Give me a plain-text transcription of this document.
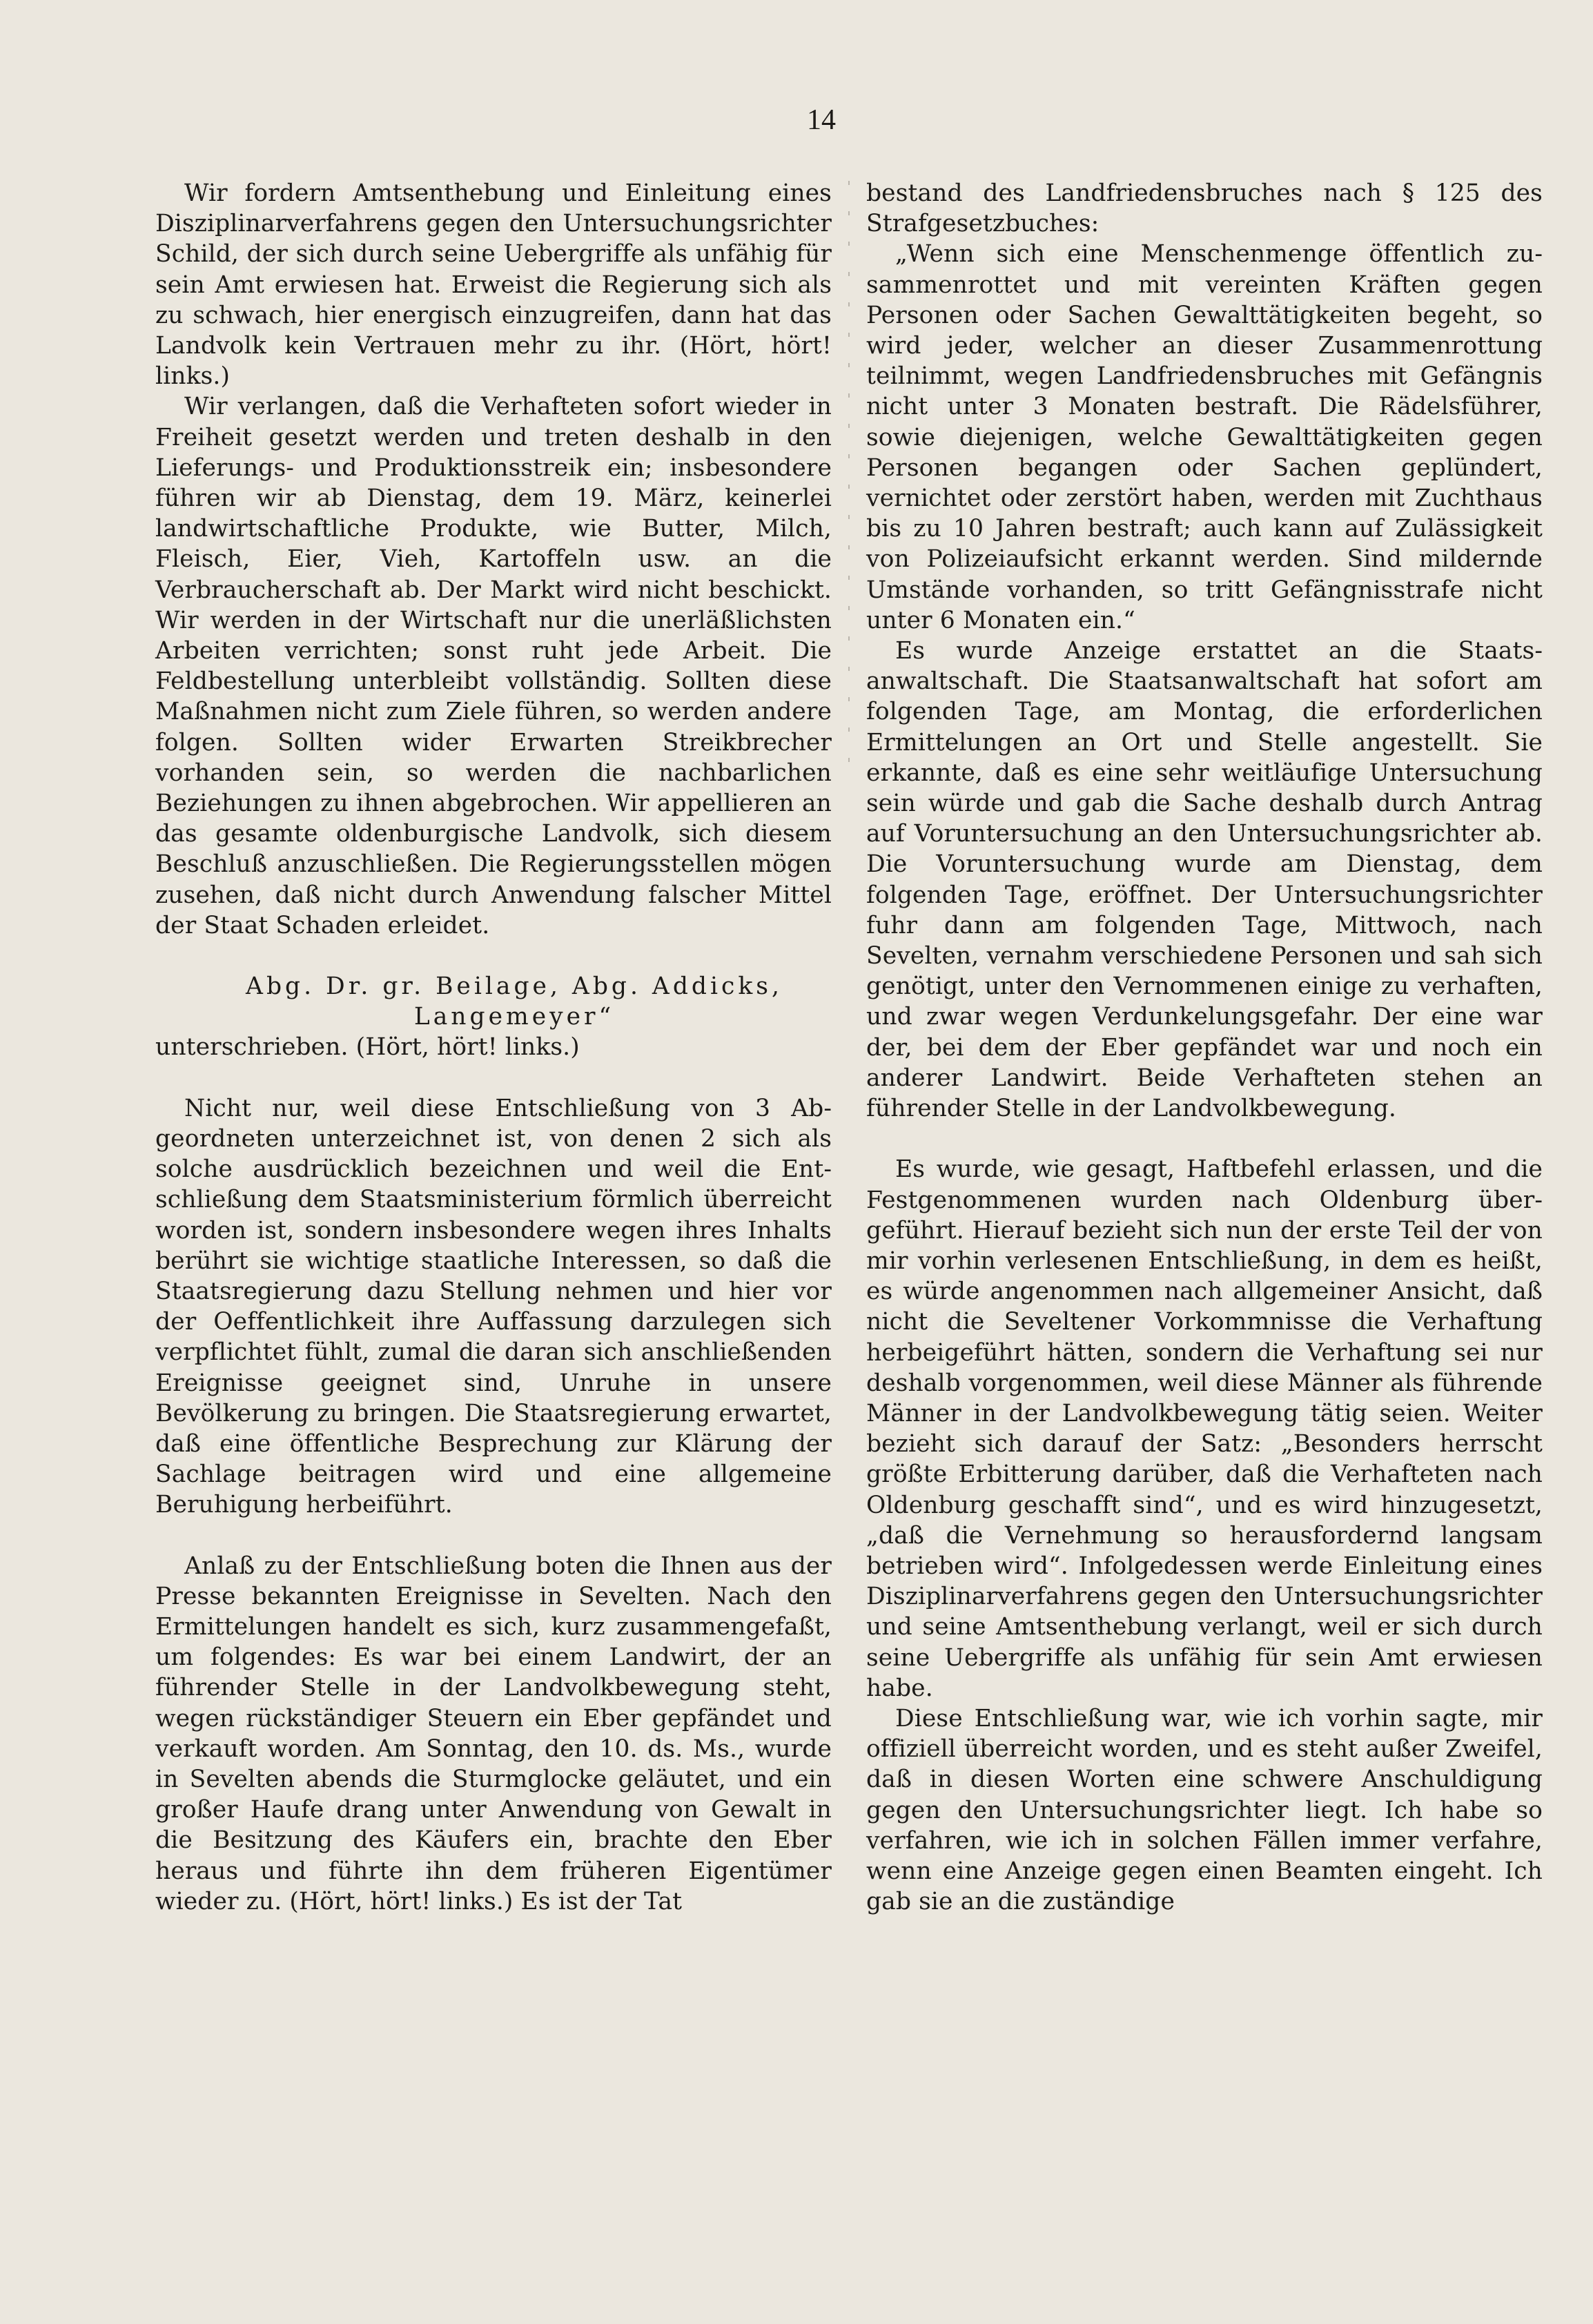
14

Wir fordern Amtsenthebung und Einleitung eines Disziplinarverfahrens gegen den Untersuchungsrichter Schild, der sich durch seine Uebergriffe als unfähig für sein Amt erwiesen hat. Erweist die Regierung sich als zu schwach, hier energisch einzugreifen, dann hat das Landvolk kein Vertrauen mehr zu ihr. (Hört, hört! links.)

Wir verlangen, daß die Verhafteten sofort wieder in Freiheit gesetzt werden und treten deshalb in den Lieferungs- und Produktionsstreik ein; insbesondere führen wir ab Dienstag, dem 19. März, keinerlei landwirtschaftliche Produkte, wie Butter, Milch, Fleisch, Eier, Vieh, Kartoffeln usw. an die Verbraucherschaft ab. Der Markt wird nicht beschickt. Wir werden in der Wirtschaft nur die unerläßlichsten Arbeiten verrichten; sonst ruht jede Arbeit. Die Feldbestellung unterbleibt vollständig. Sollten diese Maßnahmen nicht zum Ziele führen, so werden andere folgen. Sollten wider Erwarten Streikbrecher vorhanden sein, so werden die nachbarlichen Beziehungen zu ihnen abgebrochen. Wir appellieren an das gesamte oldenburgische Landvolk, sich diesem Beschluß anzuschließen. Die Regierungsstellen mögen zusehen, daß nicht durch Anwendung falscher Mittel der Staat Schaden erleidet.

Abg. Dr. gr. Beilage, Abg. Addicks,
Langemeyer“

unterschrieben. (Hört, hört! links.)

Nicht nur, weil diese Entschließung von 3 Abgeordneten unterzeichnet ist, von denen 2 sich als solche ausdrücklich bezeichnen und weil die Entschließung dem Staatsministerium förmlich überreicht worden ist, sondern insbesondere wegen ihres Inhalts berührt sie wichtige staatliche Interessen, so daß die Staatsregierung dazu Stellung nehmen und hier vor der Oeffentlichkeit ihre Auffassung darzulegen sich verpflichtet fühlt, zumal die daran sich anschließenden Ereignisse geeignet sind, Unruhe in unsere Bevölkerung zu bringen. Die Staatsregierung erwartet, daß eine öffentliche Besprechung zur Klärung der Sachlage beitragen wird und eine allgemeine Beruhigung herbeiführt.

Anlaß zu der Entschließung boten die Ihnen aus der Presse bekannten Ereignisse in Sevelten. Nach den Ermittelungen handelt es sich, kurz zusammengefaßt, um folgendes: Es war bei einem Landwirt, der an führender Stelle in der Landvolkbewegung steht, wegen rückständiger Steuern ein Eber gepfändet und verkauft worden. Am Sonntag, den 10. ds. Ms., wurde in Sevelten abends die Sturmglocke geläutet, und ein großer Haufe drang unter Anwendung von Gewalt in die Besitzung des Käufers ein, brachte den Eber heraus und führte ihn dem früheren Eigentümer wieder zu. (Hört, hört! links.) Es ist der Tat

bestand des Landfriedensbruches nach § 125 des Strafgesetzbuches:

„Wenn sich eine Menschenmenge öffentlich zusammenrottet und mit vereinten Kräften gegen Personen oder Sachen Gewalttätigkeiten begeht, so wird jeder, welcher an dieser Zusammenrottung teilnimmt, wegen Landfriedensbruches mit Gefängnis nicht unter 3 Monaten bestraft. Die Rädelsführer, sowie diejenigen, welche Gewalttätigkeiten gegen Personen begangen oder Sachen geplündert, vernichtet oder zerstört haben, werden mit Zuchthaus bis zu 10 Jahren bestraft; auch kann auf Zulässigkeit von Polizeiaufsicht erkannt werden. Sind mildernde Umstände vorhanden, so tritt Gefängnisstrafe nicht unter 6 Monaten ein.“

Es wurde Anzeige erstattet an die Staatsanwaltschaft. Die Staatsanwaltschaft hat sofort am folgenden Tage, am Montag, die erforderlichen Ermittelungen an Ort und Stelle angestellt. Sie erkannte, daß es eine sehr weitläufige Untersuchung sein würde und gab die Sache deshalb durch Antrag auf Voruntersuchung an den Untersuchungsrichter ab. Die Voruntersuchung wurde am Dienstag, dem folgenden Tage, eröffnet. Der Untersuchungsrichter fuhr dann am folgenden Tage, Mittwoch, nach Sevelten, vernahm verschiedene Personen und sah sich genötigt, unter den Vernommenen einige zu verhaften, und zwar wegen Verdunkelungsgefahr. Der eine war der, bei dem der Eber gepfändet war und noch ein anderer Landwirt. Beide Verhafteten stehen an führender Stelle in der Landvolkbewegung.

Es wurde, wie gesagt, Haftbefehl erlassen, und die Festgenommenen wurden nach Oldenburg übergeführt. Hierauf bezieht sich nun der erste Teil der von mir vorhin verlesenen Entschließung, in dem es heißt, es würde angenommen nach allgemeiner Ansicht, daß nicht die Seveltener Vorkommnisse die Verhaftung herbeigeführt hätten, sondern die Verhaftung sei nur deshalb vorgenommen, weil diese Männer als führende Männer in der Landvolkbewegung tätig seien. Weiter bezieht sich darauf der Satz: „Besonders herrscht größte Erbitterung darüber, daß die Verhafteten nach Oldenburg geschafft sind“, und es wird hinzugesetzt, „daß die Vernehmung so herausfordernd langsam betrieben wird“. Infolgedessen werde Einleitung eines Disziplinarverfahrens gegen den Untersuchungsrichter und seine Amtsenthebung verlangt, weil er sich durch seine Uebergriffe als unfähig für sein Amt erwiesen habe.

Diese Entschließung war, wie ich vorhin sagte, mir offiziell überreicht worden, und es steht außer Zweifel, daß in diesen Worten eine schwere Anschuldigung gegen den Untersuchungsrichter liegt. Ich habe so verfahren, wie ich in solchen Fällen immer verfahre, wenn eine Anzeige gegen einen Beamten eingeht. Ich gab sie an die zuständige
